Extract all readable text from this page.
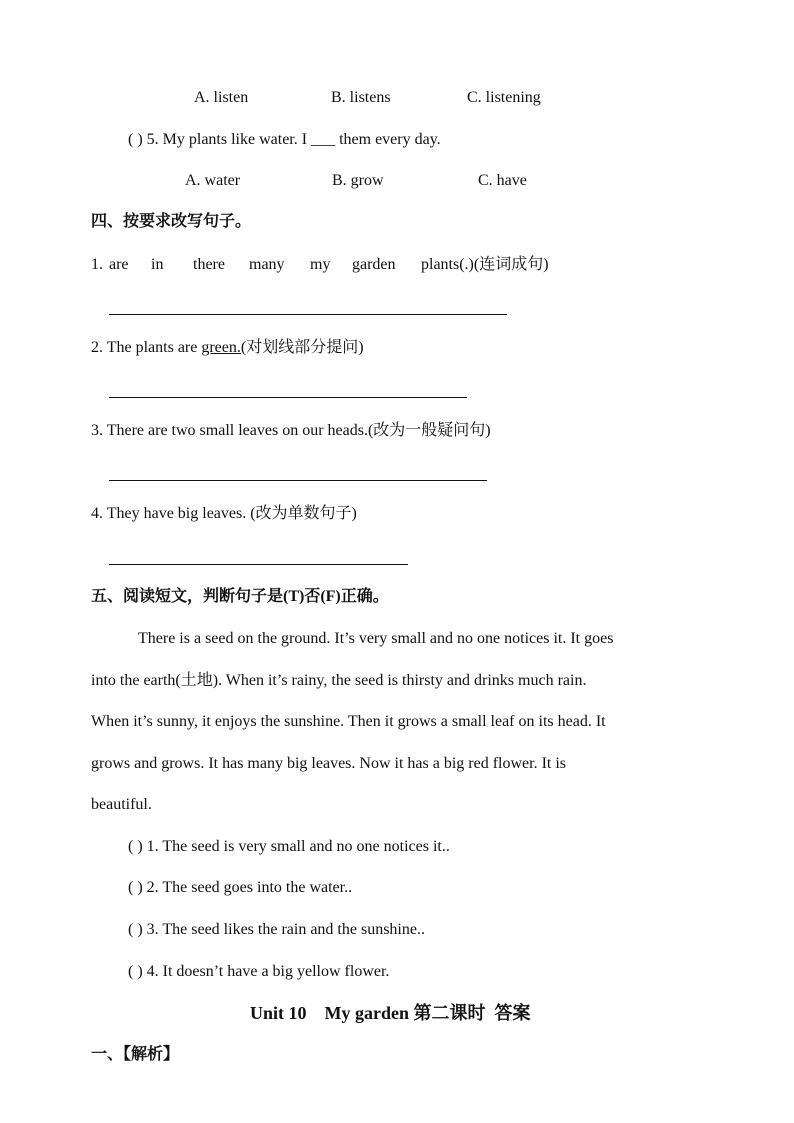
A. listen	B. listens	C. listening
( ) 5. My plants like water. I ___ them every day.
A. water	B. grow	C. have
四、按要求改写句子。
1. are in there many my garden plants(.)(连词成句)
2. The plants are green.(对划线部分提问)
3. There are two small leaves on our heads.(改为一般疑问句)
4. They have big leaves. (改为单数句子)
五、阅读短文，判断句子是(T)否(F)正确。
There is a seed on the ground. It’s very small and no one notices it. It goes
into the earth(土地). When it’s rainy, the seed is thirsty and drinks much rain.
When it’s sunny, it enjoys the sunshine. Then it grows a small leaf on its head. It
grows and grows. It has many big leaves. Now it has a big red flower. It is
beautiful.
( ) 1. The seed is very small and no one notices it..
( ) 2. The seed goes into the water..
( ) 3. The seed likes the rain and the sunshine..
( ) 4. It doesn’t have a big yellow flower.
Unit 10    My garden 第二课时  答案
一、【解析】
